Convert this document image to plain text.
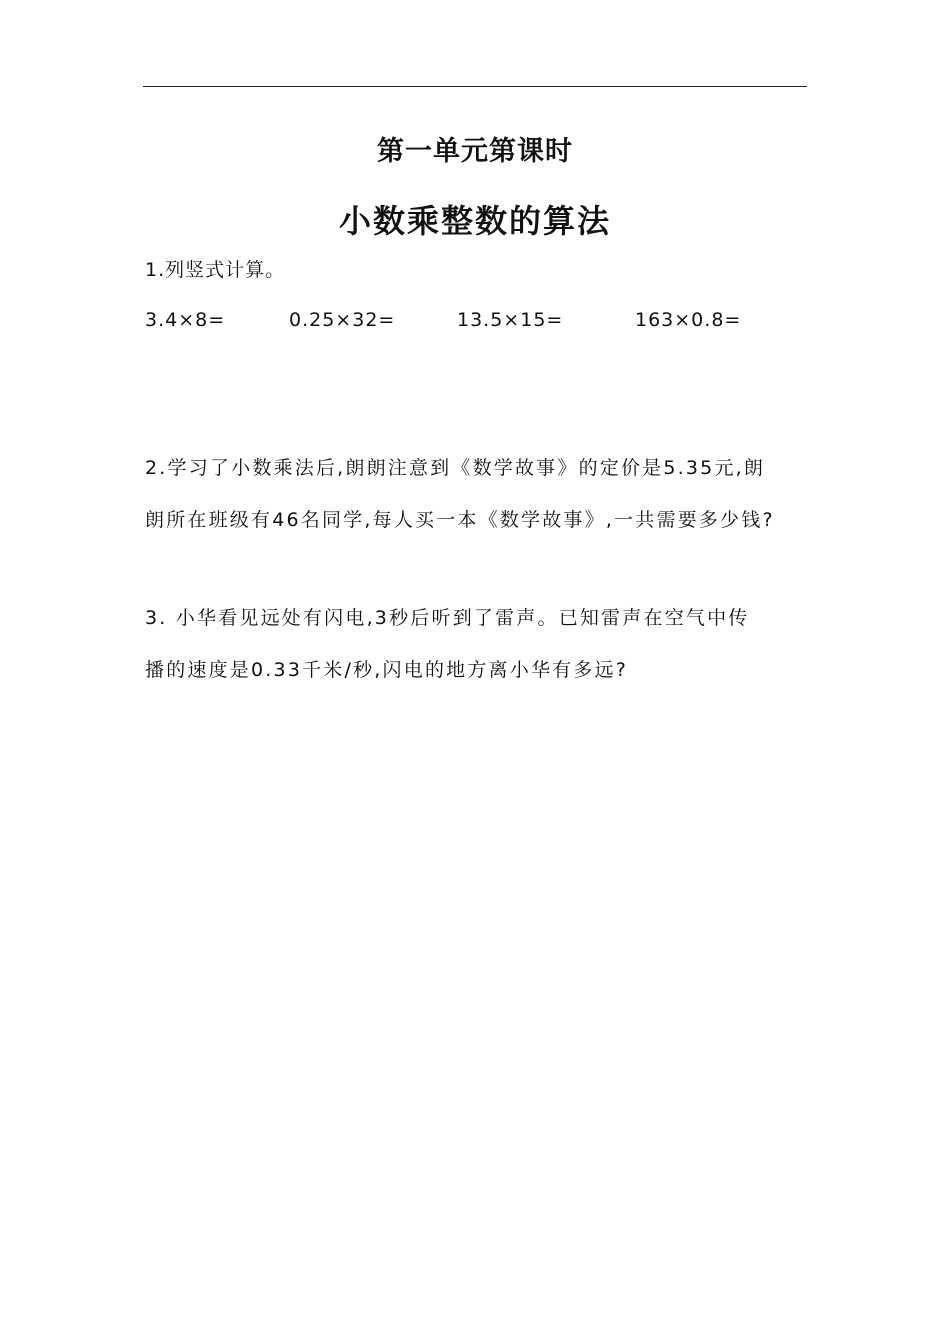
第一单元第课时
小数乘整数的算法
1.列竖式计算。
3.4×8=	0.25×32=	13.5×15=	163×0.8=
2.学习了小数乘法后,朗朗注意到《数学故事》的定价是5.35元,朗
朗所在班级有46名同学,每人买一本《数学故事》,一共需要多少钱?
3. 小华看见远处有闪电,3秒后听到了雷声。已知雷声在空气中传
播的速度是0.33千米/秒,闪电的地方离小华有多远?
